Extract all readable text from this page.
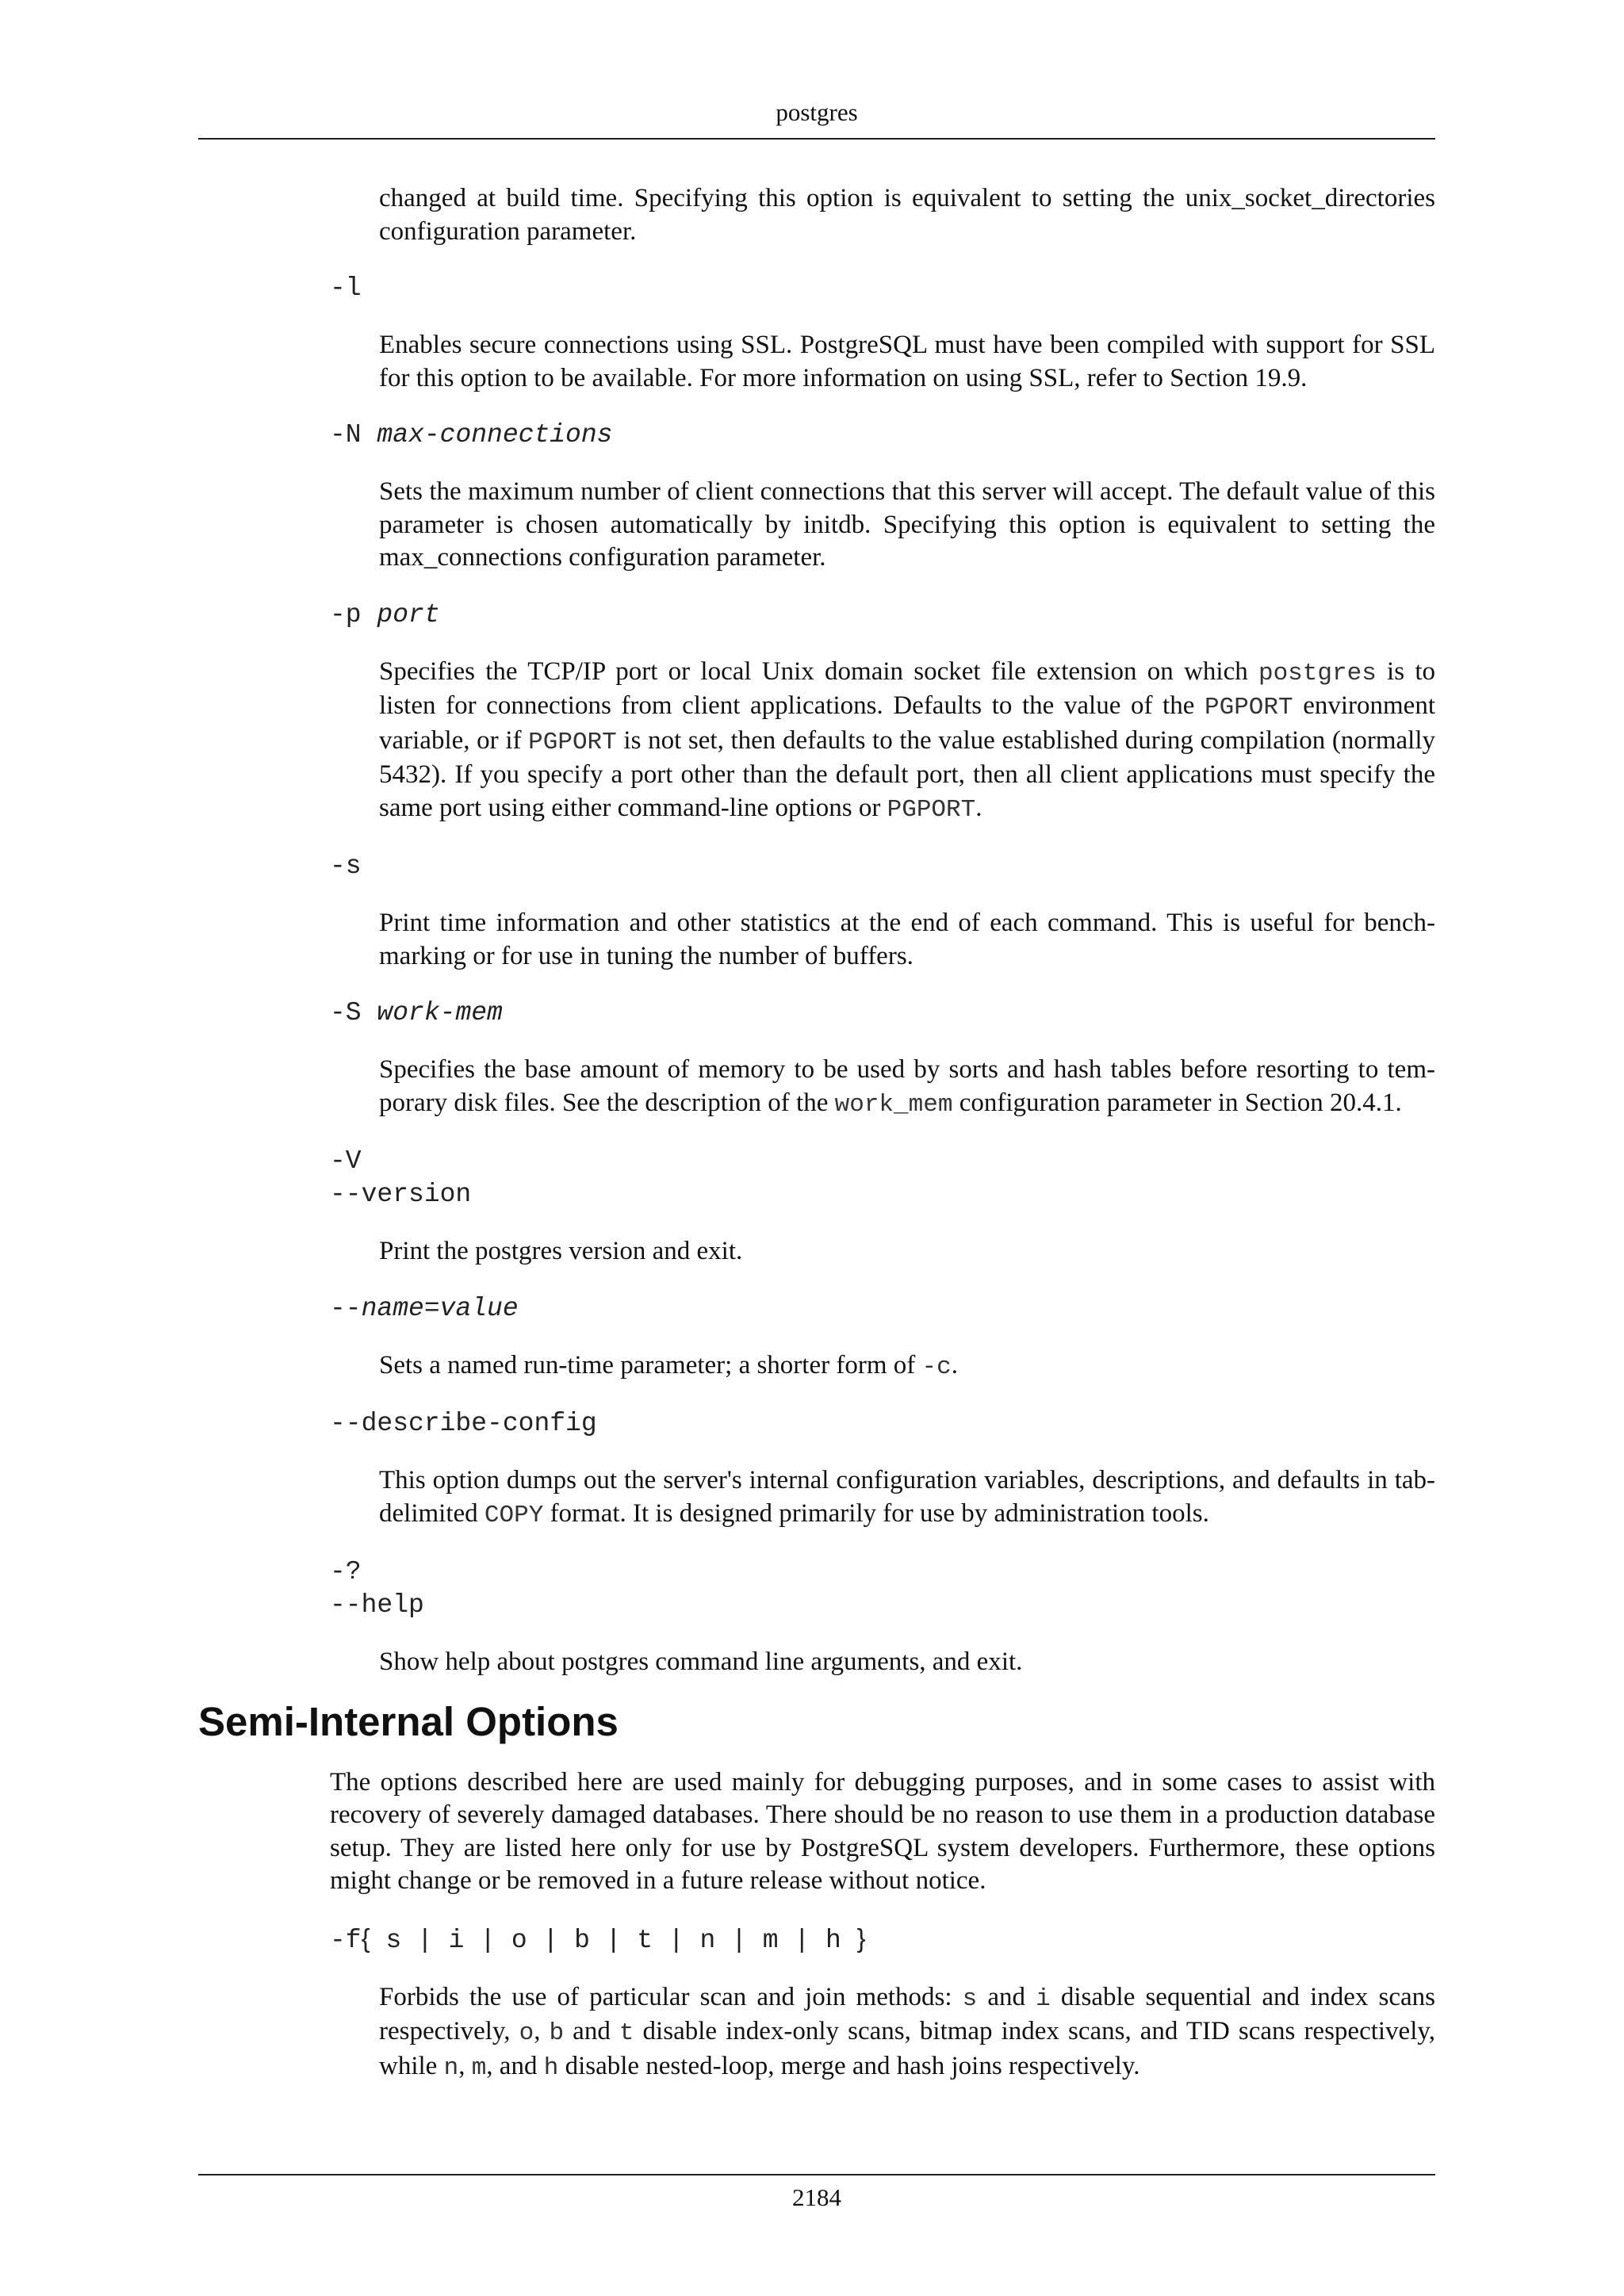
postgres
changed at build time. Specifying this option is equivalent to setting the unix_socket_directories configuration parameter.
-l
Enables secure connections using SSL. PostgreSQL must have been compiled with support for SSL for this option to be available. For more information on using SSL, refer to Section 19.9.
-N max-connections
Sets the maximum number of client connections that this server will accept. The default value of this parameter is chosen automatically by initdb. Specifying this option is equivalent to setting the max_connections configuration parameter.
-p port
Specifies the TCP/IP port or local Unix domain socket file extension on which postgres is to listen for connections from client applications. Defaults to the value of the PGPORT environment variable, or if PGPORT is not set, then defaults to the value established during compilation (normally 5432). If you specify a port other than the default port, then all client applications must specify the same port using either command-line options or PGPORT.
-s
Print time information and other statistics at the end of each command. This is useful for benchmarking or for use in tuning the number of buffers.
-S work-mem
Specifies the base amount of memory to be used by sorts and hash tables before resorting to temporary disk files. See the description of the work_mem configuration parameter in Section 20.4.1.
-V
--version
Print the postgres version and exit.
--name=value
Sets a named run-time parameter; a shorter form of -c.
--describe-config
This option dumps out the server's internal configuration variables, descriptions, and defaults in tab-delimited COPY format. It is designed primarily for use by administration tools.
-?
--help
Show help about postgres command line arguments, and exit.
Semi-Internal Options
The options described here are used mainly for debugging purposes, and in some cases to assist with recovery of severely damaged databases. There should be no reason to use them in a production database setup. They are listed here only for use by PostgreSQL system developers. Furthermore, these options might change or be removed in a future release without notice.
-f{ s | i | o | b | t | n | m | h }
Forbids the use of particular scan and join methods: s and i disable sequential and index scans respectively, o, b and t disable index-only scans, bitmap index scans, and TID scans respectively, while n, m, and h disable nested-loop, merge and hash joins respectively.
2184
